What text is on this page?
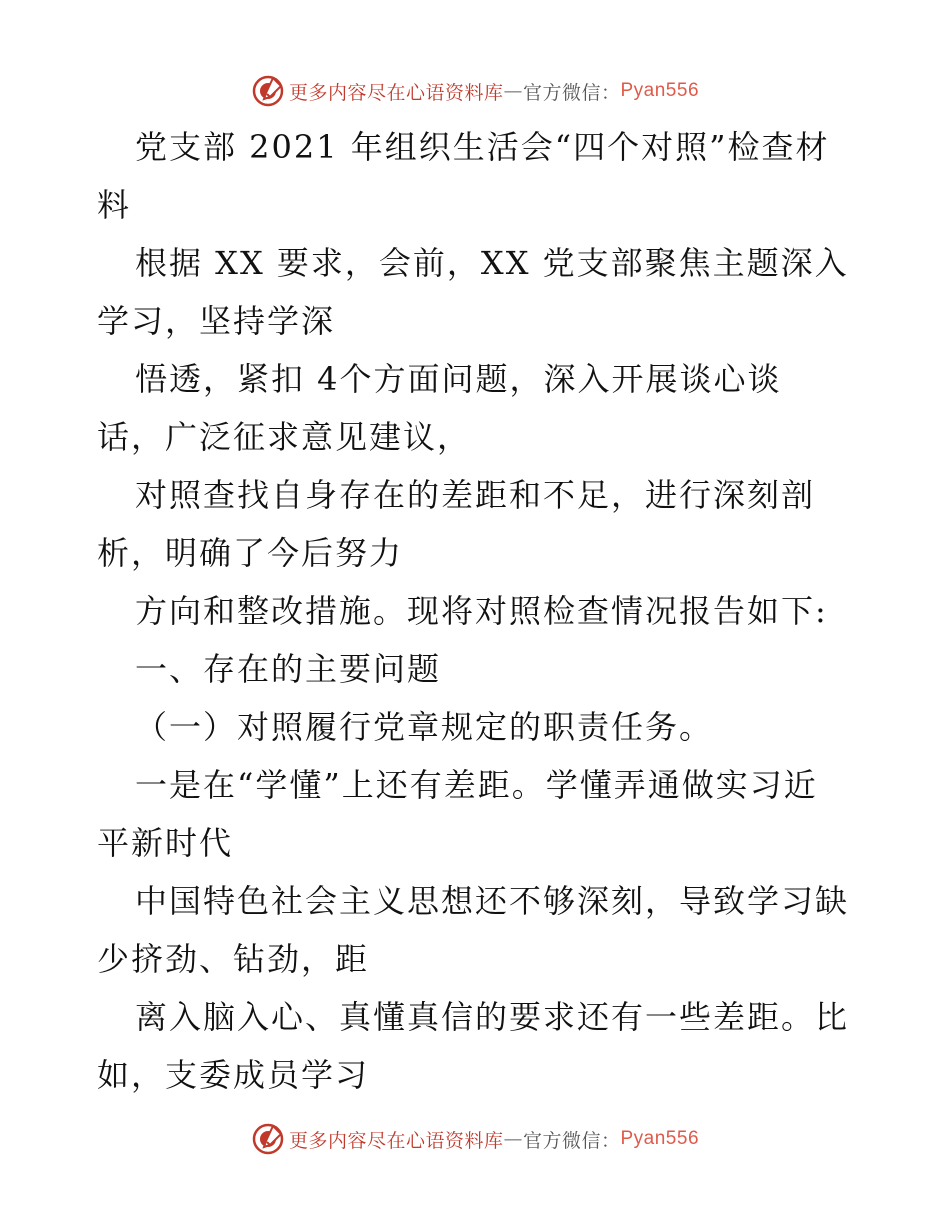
更多内容尽在心语资料库 — 官方微信： Pyan556
党支部 2021 年组织生活会“四个对照”检查材
料
根据 XX 要求，会前，XX 党支部聚焦主题深入
学习，坚持学深
悟透，紧扣 4个方面问题，深入开展谈心谈
话，广泛征求意见建议，
对照查找自身存在的差距和不足，进行深刻剖
析，明确了今后努力
方向和整改措施。现将对照检查情况报告如下:
一、存在的主要问题
（一）对照履行党章规定的职责任务。
一是在“学懂”上还有差距。学懂弄通做实习近
平新时代
中国特色社会主义思想还不够深刻，导致学习缺
少挤劲、钻劲，距
离入脑入心、真懂真信的要求还有一些差距。比
如，支委成员学习
更多内容尽在心语资料库 — 官方微信： Pyan556
